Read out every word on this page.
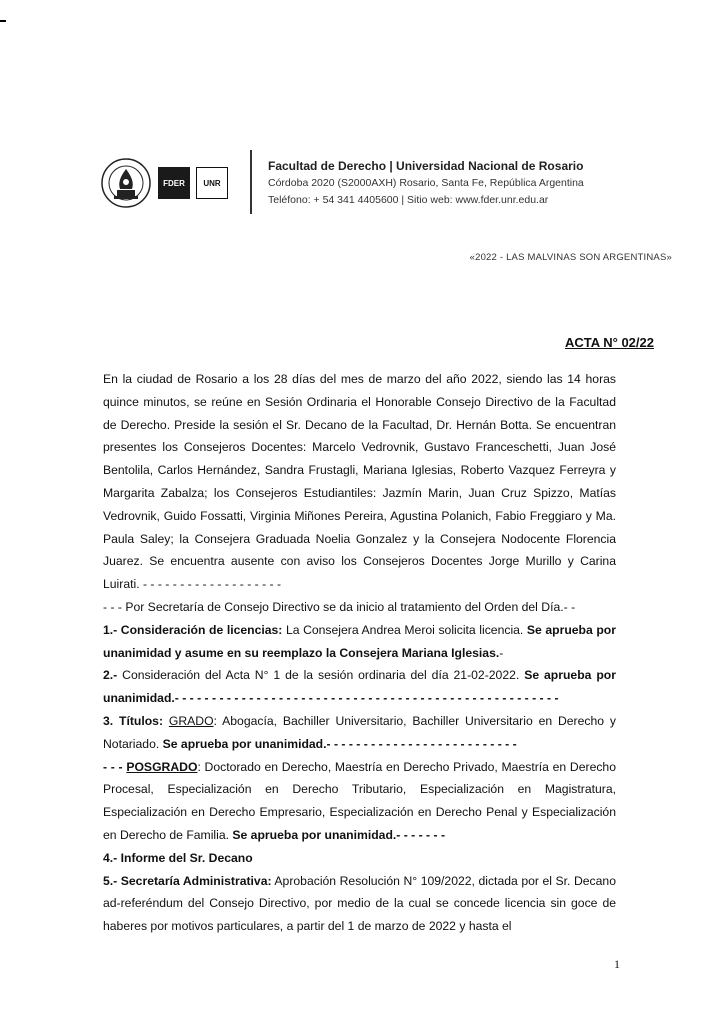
FDER	UNR
Facultad de Derecho | Universidad Nacional de Rosario
Córdoba 2020 (S2000AXH) Rosario, Santa Fe, República Argentina
Teléfono: + 54 341 4405600 | Sitio web: www.fder.unr.edu.ar
«2022 - LAS MALVINAS SON ARGENTINAS»
ACTA N° 02/22

En la ciudad de Rosario a los 28 días del mes de marzo del año 2022, siendo las 14 horas quince minutos, se reúne en Sesión Ordinaria el Honorable Consejo Directivo de la Facultad de Derecho. Preside la sesión el Sr. Decano de la Facultad, Dr. Hernán Botta. Se encuentran presentes los Consejeros Docentes: Marcelo Vedrovnik, Gustavo Franceschetti, Juan José Bentolila, Carlos Hernández, Sandra Frustagli, Mariana Iglesias, Roberto Vazquez Ferreyra y Margarita Zabalza; los Consejeros Estudiantiles: Jazmín Marin, Juan Cruz Spizzo, Matías Vedrovnik, Guido Fossatti, Virginia Miñones Pereira, Agustina Polanich, Fabio Freggiaro y Ma. Paula Saley; la Consejera Graduada Noelia Gonzalez y la Consejera Nodocente Florencia Juarez. Se encuentra ausente con aviso los Consejeros Docentes Jorge Murillo y Carina Luirati. - - - - - - - - - - - - - - - - - - -

- - - Por Secretaría de Consejo Directivo se da inicio al tratamiento del Orden del Día.- -

1.- Consideración de licencias: La Consejera Andrea Meroi solicita licencia. Se aprueba por unanimidad y asume en su reemplazo la Consejera Mariana Iglesias.-

2.- Consideración del Acta N° 1 de la sesión ordinaria del día 21-02-2022. Se aprueba por unanimidad.- - - - - - - - - - - - - - - - - - - - - - - - - - - - - - - - - - - - - - - - - - - - - - - - - - - -

3. Títulos: GRADO: Abogacía, Bachiller Universitario, Bachiller Universitario en Derecho y Notariado. Se aprueba por unanimidad.- - - - - - - - - - - - - - - - - - - - - - - - - -

- - - POSGRADO: Doctorado en Derecho, Maestría en Derecho Privado, Maestría en Derecho Procesal, Especialización en Derecho Tributario, Especialización en Magistratura, Especialización en Derecho Empresario, Especialización en Derecho Penal y Especialización en Derecho de Familia. Se aprueba por unanimidad.- - - - - - -

4.- Informe del Sr. Decano

5.- Secretaría Administrativa: Aprobación Resolución N° 109/2022, dictada por el Sr. Decano ad-referéndum del Consejo Directivo, por medio de la cual se concede licencia sin goce de haberes por motivos particulares, a partir del 1 de marzo de 2022 y hasta el

1
